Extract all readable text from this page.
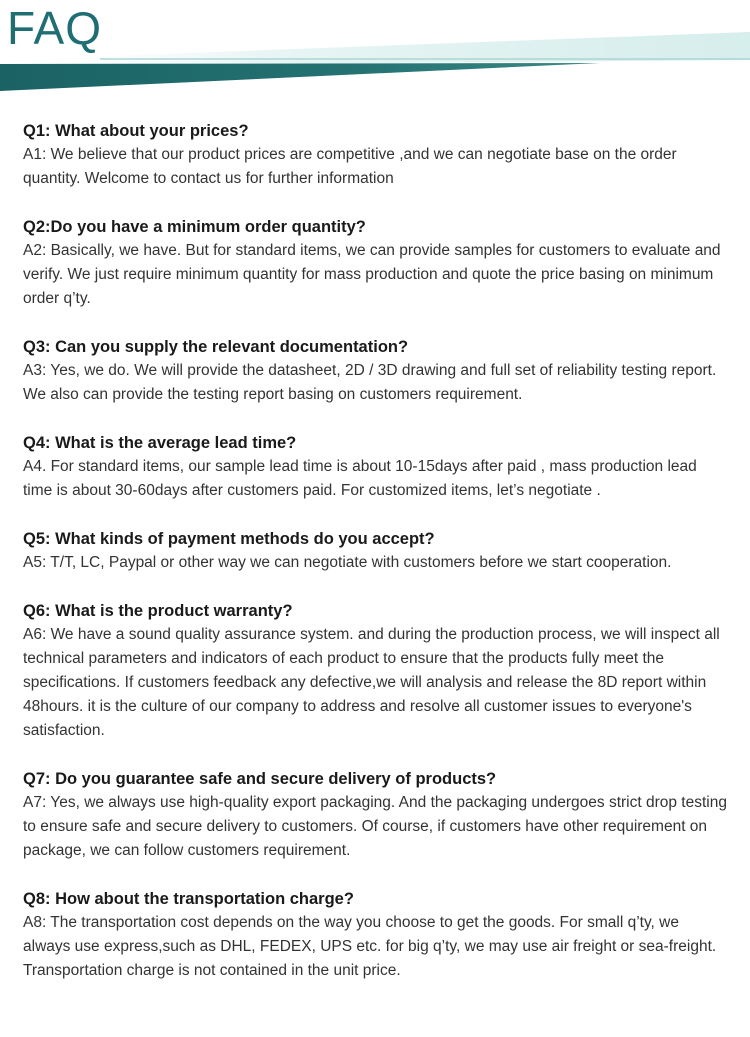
FAQ

Q1: What about your prices?

A1: We believe that our product prices are competitive ,and we can negotiate base on the order quantity. Welcome to contact us for further information

Q2:Do you have a minimum order quantity?

A2: Basically, we have. But for standard items, we can provide samples for customers to evaluate and verify. We just require minimum quantity for mass production and quote the price basing on minimum order q’ty.

Q3: Can you supply the relevant documentation?

A3: Yes, we do. We will provide the datasheet, 2D / 3D drawing and full set of reliability testing report. We also can provide the testing report basing on customers requirement.

Q4: What is the average lead time?

A4. For standard items, our sample lead time is about 10-15days after paid , mass production lead time is about 30-60days after customers paid. For customized items, let’s negotiate .

Q5: What kinds of payment methods do you accept?

A5: T/T, LC, Paypal or other way we can negotiate with customers before we start cooperation.

Q6: What is the product warranty?

A6: We have a sound quality assurance system. and during the production process, we will inspect all technical parameters and indicators of each product to ensure that the products fully meet the specifications. If customers feedback any defective,we will analysis and release the 8D report within 48hours. it is the culture of our company to address and resolve all customer issues to everyone's satisfaction.

Q7: Do you guarantee safe and secure delivery of products?

A7: Yes, we always use high-quality export packaging. And the packaging undergoes strict drop testing to ensure safe and secure delivery to customers. Of course, if customers have other requirement on package, we can follow customers requirement.

Q8: How about the transportation charge?

A8: The transportation cost depends on the way you choose to get the goods. For small q’ty, we always use express,such as DHL, FEDEX, UPS etc. for big q’ty, we may use air freight or sea-freight. Transportation charge is not contained in the unit price.
